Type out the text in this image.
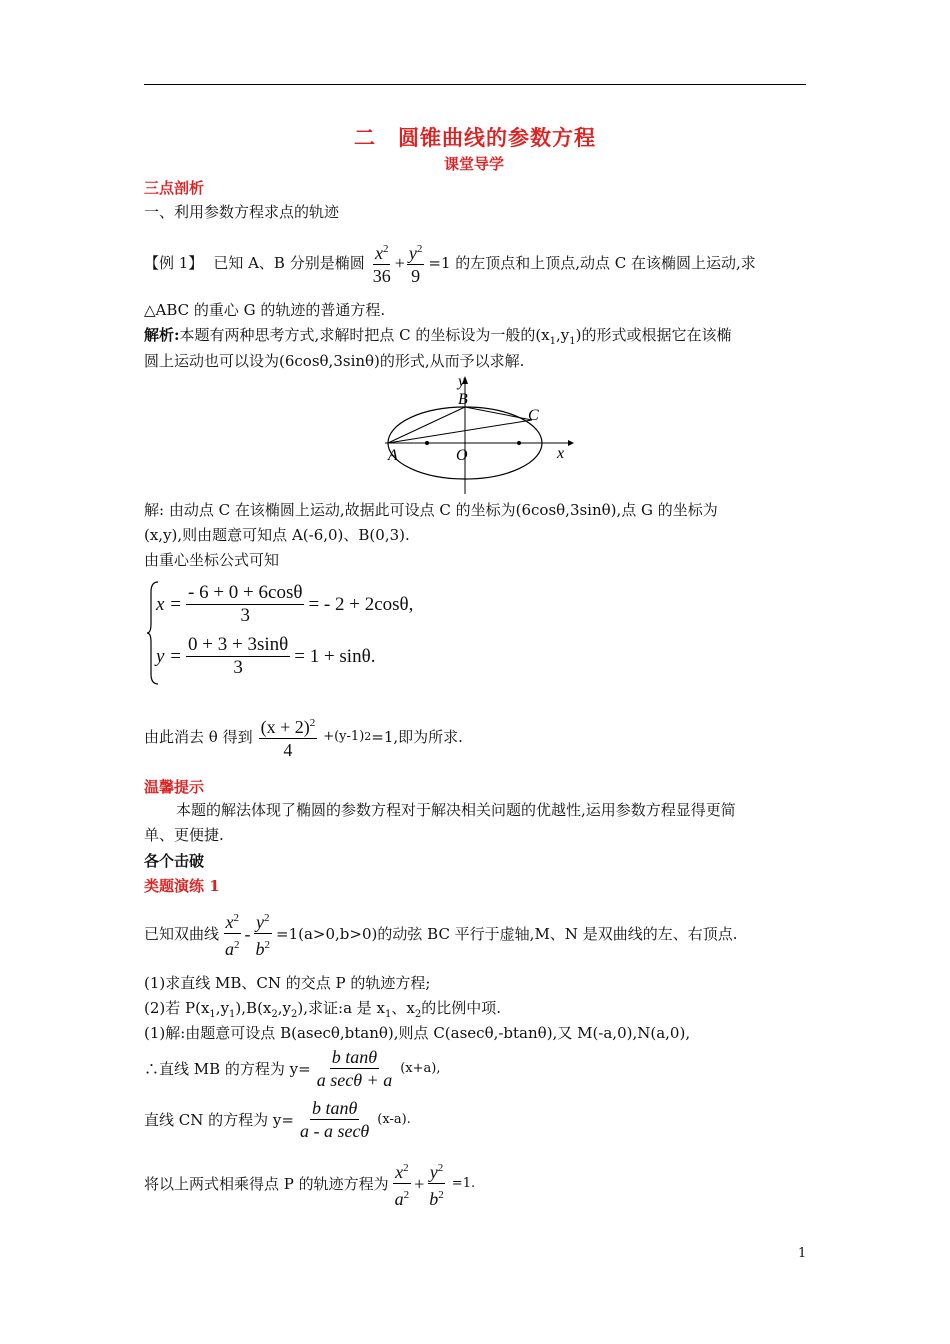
二　圆锥曲线的参数方程
课堂导学
三点剖析
一、利用参数方程求点的轨迹
【例 1】 已知 A、B 分别是椭圆 $\frac{x^2}{36} + \frac{y^2}{9} =1$ 的左顶点和上顶点,动点 C 在该椭圆上运动,求
△ABC 的重心 G 的轨迹的普通方程.
解析:本题有两种思考方式,求解时把点 C 的坐标设为一般的$(x_1,y_1)$的形式或根据它在该椭
圆上运动也可以设为(6cosθ,3sinθ)的形式,从而予以求解.
y
x
B
C
A	O
解: 由动点 C 在该椭圆上运动,故据此可设点 C 的坐标为(6cosθ,3sinθ),点 G 的坐标为
(x,y),则由题意可知点 A(-6,0)、B(0,3).
由重心坐标公式可知
$x = \frac{- 6 + 0 + 6\cos\theta}{3}$ = - 2 + 2cosθ,
$y = \frac{0 + 3 + 3\sin\theta}{3} = 1 + \sin\theta$.
由此消去 θ 得到 $\frac{(x + 2)^2}{4} +(y-1)$ 2 =1,即为所求.
温馨提示
本题的解法体现了椭圆的参数方程对于解决相关问题的优越性,运用参数方程显得更简
单、更便捷.
各个击破
类题演练 1
已知双曲线 $\frac{x^2}{a^2} - \frac{y^2}{b^2} =1(a>0,b>0)$的动弦 BC 平行于虚轴,M、N 是双曲线的左、右顶点.
(1)求直线 MB、CN 的交点 P 的轨迹方程;
(2)若 $P(x_1,y_1),B(x_2,y_2)$,求证:a 是 $x_1$、$x_2$的比例中项.
(1)解:由题意可设点 B(asecθ,btanθ),则点 C(asecθ,-btanθ),又 M(-a,0),N(a,0),
∴直线 MB 的方程为 $y= \frac{\text{b tanθ}}{\text{a secθ + a}} (x+a)$,
直线 CN 的方程为 $y= \frac{\text{b tanθ}}{\text{a - a secθ}} (x-a)$.
将以上两式相乘得点 P 的轨迹方程为 $\frac{x^2}{a^2} + \frac{y^2}{b^2} =1$.
1
